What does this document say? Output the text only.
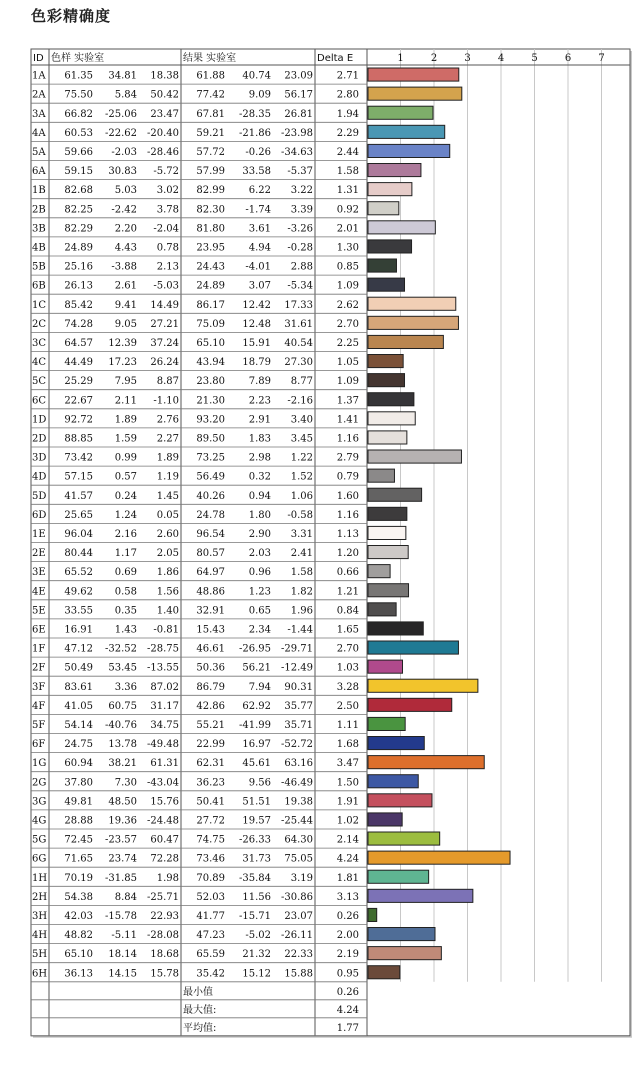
色彩精确度
1	2	3	4	5	6	7
ID 色样 实验室	结果 实验室	Delta E
1A 61.35 34.81 18.38 61.88 40.74 23.09 2.71
2A 75.50 5.84 50.42 77.42 9.09 56.17 2.80
3A 66.82 -25.06 23.47 67.81 -28.35 26.81 1.94
4A 60.53 -22.62 -20.40 59.21 -21.86 -23.98 2.29
5A 59.66 -2.03 -28.46 57.72 -0.26 -34.63 2.44
6A 59.15 30.83 -5.72 57.99 33.58 -5.37 1.58
1B 82.68 5.03 3.02 82.99 6.22 3.22 1.31
2B 82.25 -2.42 3.78 82.30 -1.74 3.39 0.92
3B 82.29 2.20 -2.04 81.80 3.61 -3.26 2.01
4B 24.89 4.43 0.78 23.95 4.94 -0.28 1.30
5B 25.16 -3.88 2.13 24.43 -4.01 2.88 0.85
6B 26.13 2.61 -5.03 24.89 3.07 -5.34 1.09
1C 85.42 9.41 14.49 86.17 12.42 17.33 2.62
2C 74.28 9.05 27.21 75.09 12.48 31.61 2.70
3C 64.57 12.39 37.24 65.10 15.91 40.54 2.25
4C 44.49 17.23 26.24 43.94 18.79 27.30 1.05
5C 25.29 7.95 8.87 23.80 7.89 8.77 1.09
6C 22.67 2.11 -1.10 21.30 2.23 -2.16 1.37
1D 92.72 1.89 2.76 93.20 2.91 3.40 1.41
2D 88.85 1.59 2.27 89.50 1.83 3.45 1.16
3D 73.42 0.99 1.89 73.25 2.98 1.22 2.79
4D 57.15 0.57 1.19 56.49 0.32 1.52 0.79
5D 41.57 0.24 1.45 40.26 0.94 1.06 1.60
6D 25.65 1.24 0.05 24.78 1.80 -0.58 1.16
1E 96.04 2.16 2.60 96.54 2.90 3.31 1.13
2E 80.44 1.17 2.05 80.57 2.03 2.41 1.20
3E 65.52 0.69 1.86 64.97 0.96 1.58 0.66
4E 49.62 0.58 1.56 48.86 1.23 1.82 1.21
5E 33.55 0.35 1.40 32.91 0.65 1.96 0.84
6E 16.91 1.43 -0.81 15.43 2.34 -1.44 1.65
1F 47.12 -32.52 -28.75 46.61 -26.95 -29.71 2.70
2F 50.49 53.45 -13.55 50.36 56.21 -12.49 1.03
3F 83.61 3.36 87.02 86.79 7.94 90.31 3.28
4F 41.05 60.75 31.17 42.86 62.92 35.77 2.50
5F 54.14 -40.76 34.75 55.21 -41.99 35.71 1.11
6F 24.75 13.78 -49.48 22.99 16.97 -52.72 1.68
1G 60.94 38.21 61.31 62.31 45.61 63.16 3.47
2G 37.80 7.30 -43.04 36.23 9.56 -46.49 1.50
3G 49.81 48.50 15.76 50.41 51.51 19.38 1.91
4G 28.88 19.36 -24.48 27.72 19.57 -25.44 1.02
5G 72.45 -23.57 60.47 74.75 -26.33 64.30 2.14
6G 71.65 23.74 72.28 73.46 31.73 75.05 4.24
1H 70.19 -31.85 1.98 70.89 -35.84 3.19 1.81
2H 54.38 8.84 -25.71 52.03 11.56 -30.86 3.13
3H 42.03 -15.78 22.93 41.77 -15.71 23.07 0.26
4H 48.82 -5.11 -28.08 47.23 -5.02 -26.11 2.00
5H 65.10 18.14 18.68 65.59 21.32 22.33 2.19
6H 36.13 14.15 15.78 35.42 15.12 15.88 0.95
最小值	0.26
最大值:	4.24
平均值:	1.77
